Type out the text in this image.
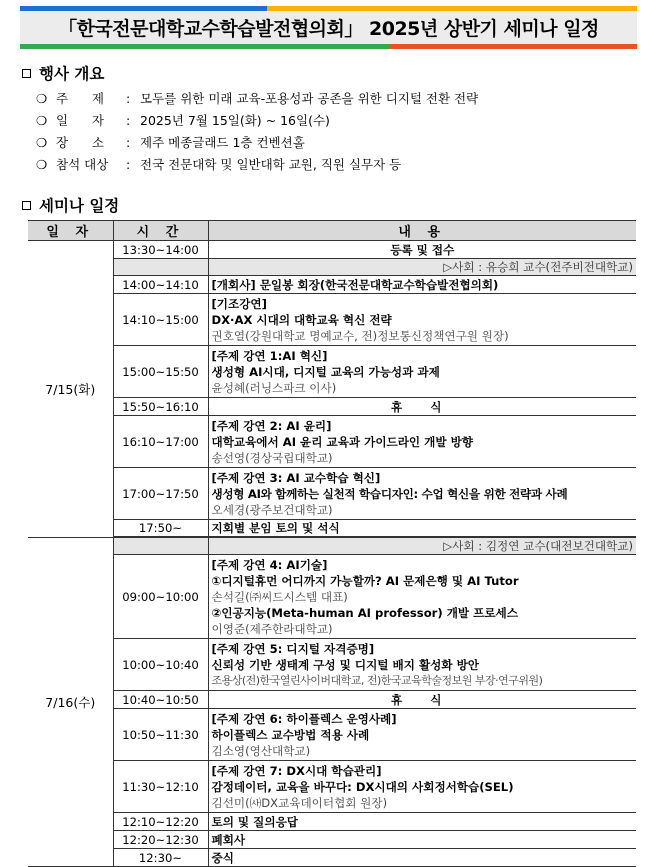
「한국전문대학교수학습발전협의회」 2025년 상반기 세미나 일정
행사 개요
❍ 주      제	: 모두를 위한 미래 교육-포용성과 공존을 위한 디지털 전환 전략
❍ 일      자	: 2025년 7월 15일(화) ~ 16일(수)
❍ 장      소	: 제주 메종글래드 1층 컨벤션홀
❍ 참석 대상	: 전국 전문대학 및 일반대학 교원, 직원 실무자 등
세미나 일정
일 자	시 간	내 용
7/15(화)	13:30~14:00	등록 및 접수
		▷사회 : 유승희 교수(전주비전대학교)
	14:00~14:10	[개회사] 문일봉 회장(한국전문대학교수학습발전협의회)
	14:10~15:00	[기조강연]
DX·AX 시대의 대학교육 혁신 전략
권호열(강원대학교 명예교수, 전)정보통신정책연구원 원장)

	15:00~15:50	[주제 강연 1:AI 혁신]
생성형 AI시대, 디지털 교육의 가능성과 과제
윤성혜(러닝스파크 이사)

	15:50~16:10	휴 식
	16:10~17:00	[주제 강연 2: AI 윤리]
대학교육에서 AI 윤리 교육과 가이드라인 개발 방향
송선영(경상국립대학교)

	17:00~17:50	[주제 강연 3: AI 교수학습 혁신]
생성형 AI와 함께하는 실천적 학습디자인: 수업 혁신을 위한 전략과 사례
오세경(광주보건대학교)

	17:50~	지회별 분임 토의 및 석식

7/16(수)		▷사회 : 김정연 교수(대전보건대학교)
	09:00~10:00	[주제 강연 4: AI기술]
①디지털휴먼 어디까지 가능할까? AI 문제은행 및 AI Tutor
손석길(㈜씨드시스템 대표)
②인공지능(Meta-human AI professor) 개발 프로세스
이영준(제주한라대학교)

	10:00~10:40	[주제 강연 5: 디지털 자격증명]
신뢰성 기반 생태계 구성 및 디지털 배지 활성화 방안
조용상(전)한국열린사이버대학교, 전)한국교육학술정보원 부장·연구위원)

	10:40~10:50	휴 식
	10:50~11:30	[주제 강연 6: 하이플렉스 운영사례]
하이플렉스 교수방법 적용 사례
김소영(영산대학교)

	11:30~12:10	[주제 강연 7: DX시대 학습관리]
감정데이터, 교육을 바꾸다: DX시대의 사회정서학습(SEL)
김선미(㈔DX교육데이터협회 원장)

	12:10~12:20	토의 및 질의응답
	12:20~12:30	폐회사
	12:30~	중식
